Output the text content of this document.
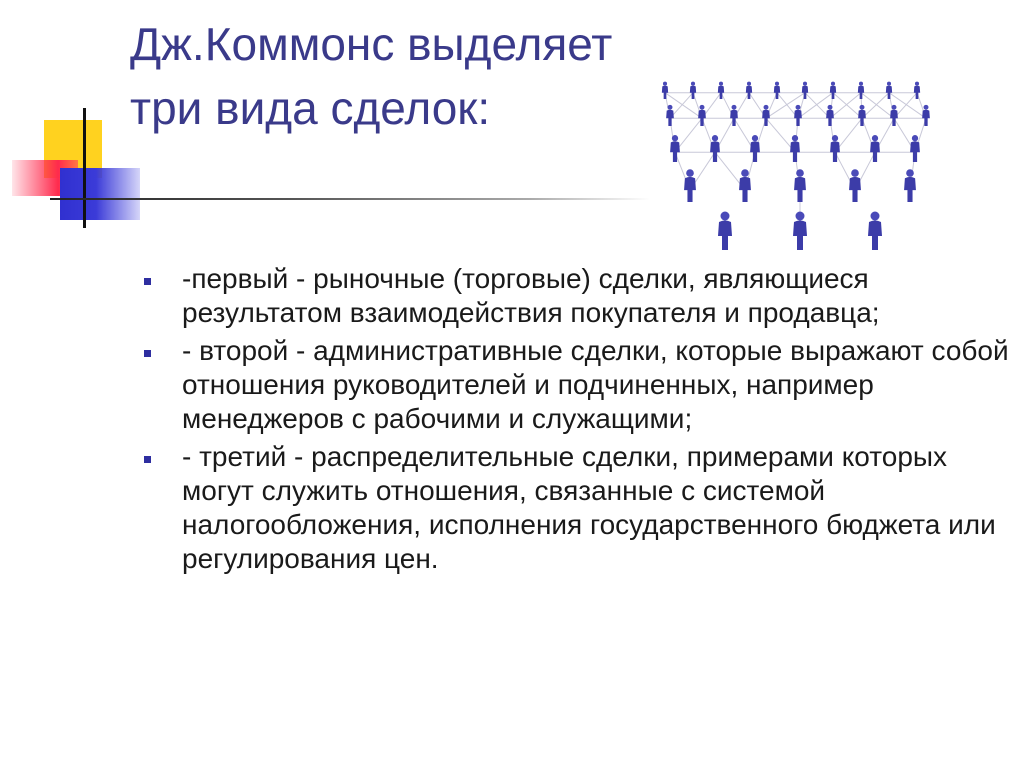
Дж.Коммонс выделяет
три вида сделок:
-первый - рыночные (торговые) сделки, являющиеся результатом взаимодействия покупателя и продавца;
- второй - административные сделки, которые выражают собой отношения руководителей и подчиненных, например менеджеров с рабочими и служащими;
- третий - распределительные сделки, примерами которых могут служить отношения, связанные с системой налогообложения, исполнения государственного бюджета или регулирования цен.
